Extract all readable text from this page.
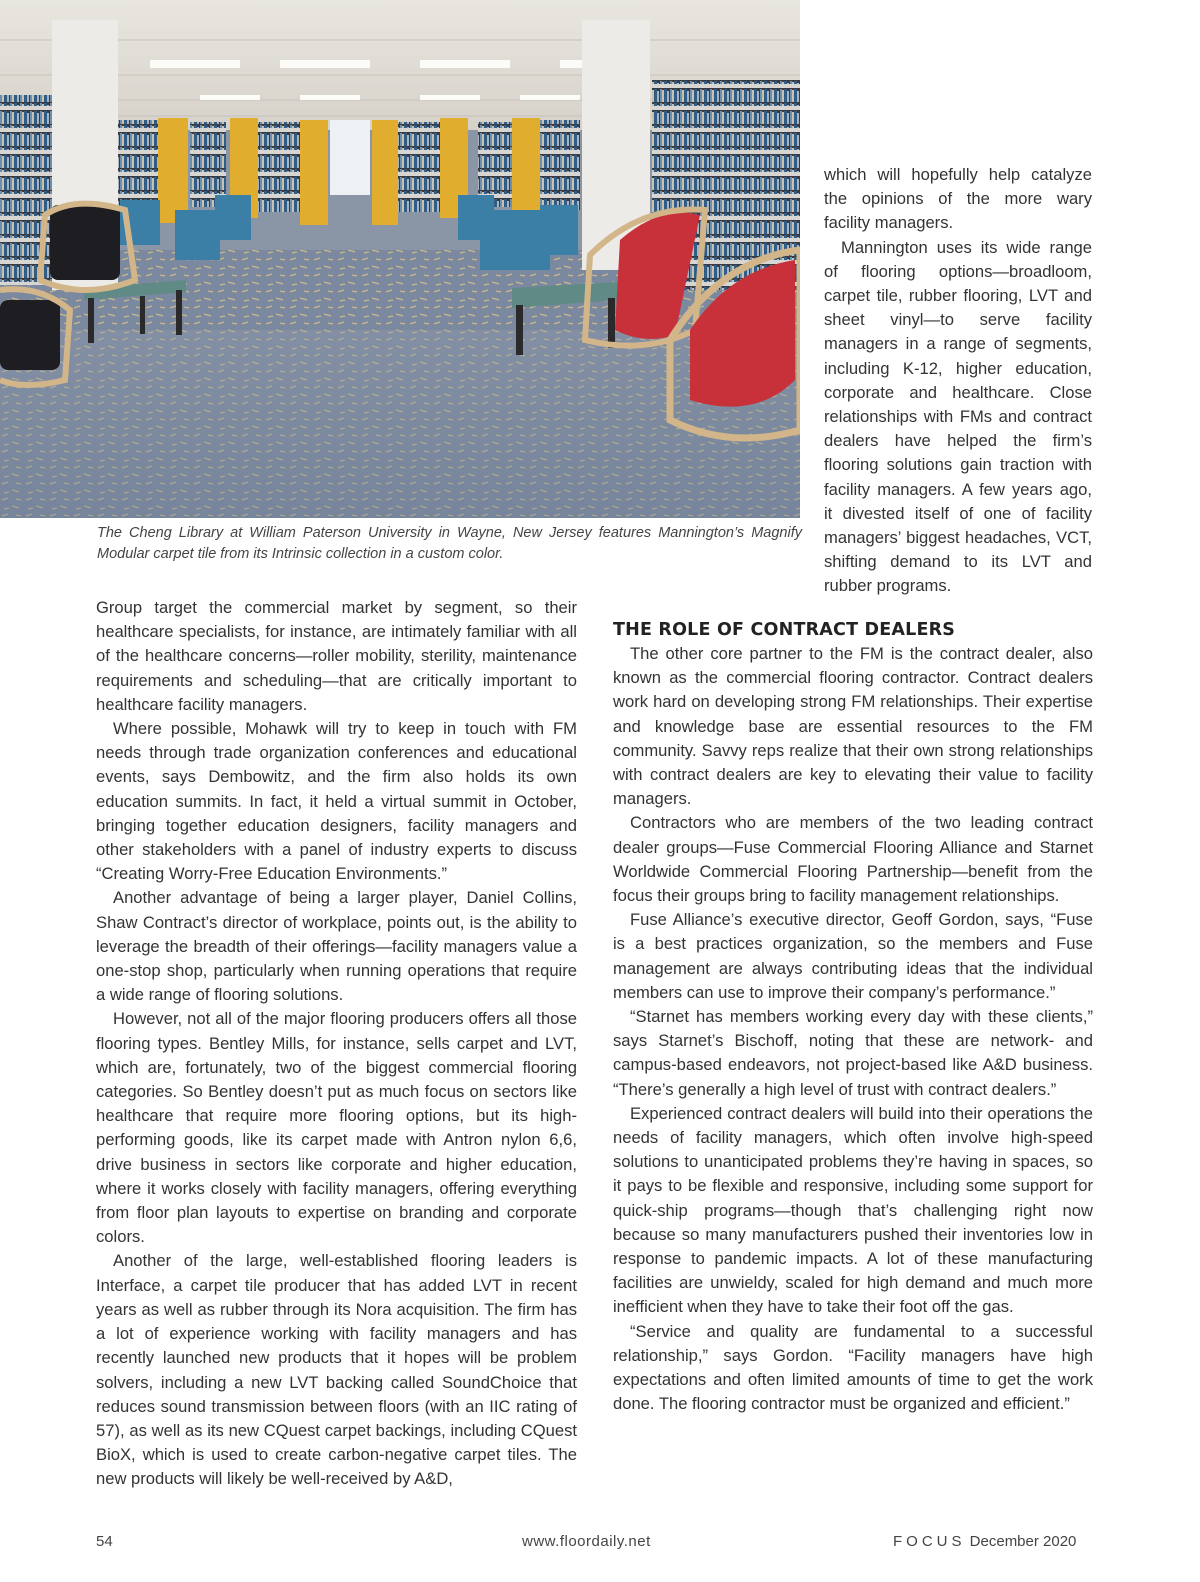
The Cheng Library at William Paterson University in Wayne, New Jersey features Mannington’s Magnify Modular carpet tile from its Intrinsic collection in a custom color.

which will hopefully help catalyze the opinions of the more wary facility managers.

Mannington uses its wide range of flooring options—broadloom, carpet tile, rubber flooring, LVT and sheet vinyl—to serve facility managers in a range of segments, including K-12, higher education, corporate and healthcare. Close relationships with FMs and contract dealers have helped the firm’s flooring solutions gain traction with facility managers. A few years ago, it divested itself of one of facility managers’ biggest headaches, VCT, shifting demand to its LVT and rubber programs.

Group target the commercial market by segment, so their healthcare specialists, for instance, are intimately familiar with all of the healthcare concerns—roller mobility, sterility, maintenance requirements and scheduling—that are critically important to healthcare facility managers.

Where possible, Mohawk will try to keep in touch with FM needs through trade organization conferences and educational events, says Dembowitz, and the firm also holds its own education summits. In fact, it held a virtual summit in October, bringing together education designers, facility managers and other stakeholders with a panel of industry experts to discuss “Creating Worry-Free Education Environments.”

Another advantage of being a larger player, Daniel Collins, Shaw Contract’s director of workplace, points out, is the ability to leverage the breadth of their offerings—facility managers value a one-stop shop, particularly when running operations that require a wide range of flooring solutions.

However, not all of the major flooring producers offers all those flooring types. Bentley Mills, for instance, sells carpet and LVT, which are, fortunately, two of the biggest commercial flooring categories. So Bentley doesn’t put as much focus on sectors like healthcare that require more flooring options, but its high-performing goods, like its carpet made with Antron nylon 6,6, drive business in sectors like corporate and higher education, where it works closely with facility managers, offering everything from floor plan layouts to expertise on branding and corporate colors.

Another of the large, well-established flooring leaders is Interface, a carpet tile producer that has added LVT in recent years as well as rubber through its Nora acquisition. The firm has a lot of experience working with facility managers and has recently launched new products that it hopes will be problem solvers, including a new LVT backing called SoundChoice that reduces sound transmission between floors (with an IIC rating of 57), as well as its new CQuest carpet backings, including CQuest BioX, which is used to create carbon-negative carpet tiles. The new products will likely be well-received by A&D,

THE ROLE OF CONTRACT DEALERS

The other core partner to the FM is the contract dealer, also known as the commercial flooring contractor. Contract dealers work hard on developing strong FM relationships. Their expertise and knowledge base are essential resources to the FM community. Savvy reps realize that their own strong relationships with contract dealers are key to elevating their value to facility managers.

Contractors who are members of the two leading contract dealer groups—Fuse Commercial Flooring Alliance and Starnet Worldwide Commercial Flooring Partnership—benefit from the focus their groups bring to facility management relationships.

Fuse Alliance’s executive director, Geoff Gordon, says, “Fuse is a best practices organization, so the members and Fuse management are always contributing ideas that the individual members can use to improve their company’s performance.”

“Starnet has members working every day with these clients,” says Starnet’s Bischoff, noting that these are network- and campus-based endeavors, not project-based like A&D business. “There’s generally a high level of trust with contract dealers.”

Experienced contract dealers will build into their operations the needs of facility managers, which often involve high-speed solutions to unanticipated problems they’re having in spaces, so it pays to be flexible and responsive, including some support for quick-ship programs—though that’s challenging right now because so many manufacturers pushed their inventories low in response to pandemic impacts. A lot of these manufacturing facilities are unwieldy, scaled for high demand and much more inefficient when they have to take their foot off the gas.

“Service and quality are fundamental to a successful relationship,” says Gordon. “Facility managers have high expectations and often limited amounts of time to get the work done. The flooring contractor must be organized and efficient.”

54	www.floordaily.net	FOCUS December 2020
